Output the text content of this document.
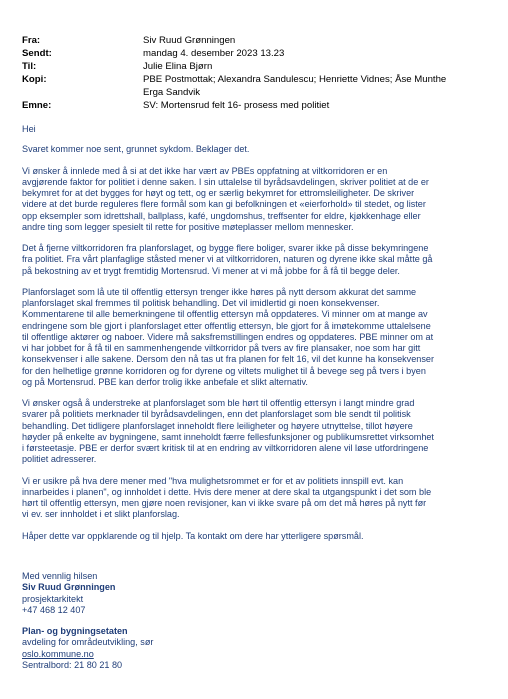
Fra:	Siv Ruud Grønningen
Sendt:	mandag 4. desember 2023 13.23
Til:	Julie Elina Bjørn
Kopi:	PBE Postmottak; Alexandra Sandulescu; Henriette Vidnes; Åse Munthe
Erga Sandvik
Emne:	SV: Mortensrud felt 16- prosess med politiet

Hei

Svaret kommer noe sent, grunnet sykdom. Beklager det.

Vi ønsker å innlede med å si at det ikke har vært av PBEs oppfatning at viltkorridoren er en
avgjørende faktor for politiet i denne saken. I sin uttalelse til byrådsavdelingen, skriver politiet at de er
bekymret for at det bygges for høyt og tett, og er særlig bekymret for ettromsleiligheter. De skriver
videre at det burde reguleres flere formål som kan gi befolkningen et «eierforhold» til stedet, og lister
opp eksempler som idrettshall, ballplass, kafé, ungdomshus, treffsenter for eldre, kjøkkenhage eller
andre ting som legger spesielt til rette for positive møteplasser mellom mennesker.

Det å fjerne viltkorridoren fra planforslaget, og bygge flere boliger, svarer ikke på disse bekymringene
fra politiet. Fra vårt planfaglige ståsted mener vi at viltkorridoren, naturen og dyrene ikke skal måtte gå
på bekostning av et trygt fremtidig Mortensrud. Vi mener at vi må jobbe for å få til begge deler.

Planforslaget som lå ute til offentlig ettersyn trenger ikke høres på nytt dersom akkurat det samme
planforslaget skal fremmes til politisk behandling. Det vil imidlertid gi noen konsekvenser.
Kommentarene til alle bemerkningene til offentlig ettersyn må oppdateres. Vi minner om at mange av
endringene som ble gjort i planforslaget etter offentlig ettersyn, ble gjort for å imøtekomme uttalelsene
til offentlige aktører og naboer. Videre må saksfremstillingen endres og oppdateres. PBE minner om at
vi har jobbet for å få til en sammenhengende viltkorridor på tvers av fire plansaker, noe som har gitt
konsekvenser i alle sakene. Dersom den nå tas ut fra planen for felt 16, vil det kunne ha konsekvenser
for den helhetlige grønne korridoren og for dyrene og viltets mulighet til å bevege seg på tvers i byen
og på Mortensrud. PBE kan derfor trolig ikke anbefale et slikt alternativ.

Vi ønsker også å understreke at planforslaget som ble hørt til offentlig ettersyn i langt mindre grad
svarer på politiets merknader til byrådsavdelingen, enn det planforslaget som ble sendt til politisk
behandling. Det tidligere planforslaget inneholdt flere leiligheter og høyere utnyttelse, tillot høyere
høyder på enkelte av bygningene, samt inneholdt færre fellesfunksjoner og publikumsrettet virksomhet
i førsteetasje. PBE er derfor svært kritisk til at en endring av viltkorridoren alene vil løse utfordringene
politiet adresserer.

Vi er usikre på hva dere mener med "hva mulighetsrommet er for et av politiets innspill evt. kan
innarbeides i planen", og innholdet i dette. Hvis dere mener at dere skal ta utgangspunkt i det som ble
hørt til offentlig ettersyn, men gjøre noen revisjoner, kan vi ikke svare på om det må høres på nytt før
vi ev. ser innholdet i et slikt planforslag.

Håper dette var oppklarende og til hjelp. Ta kontakt om dere har ytterligere spørsmål.

Med vennlig hilsen
Siv Ruud Grønningen
prosjektarkitekt
+47 468 12 407
Plan- og bygningsetaten
avdeling for områdeutvikling, sør
oslo.kommune.no
Sentralbord: 21 80 21 80
